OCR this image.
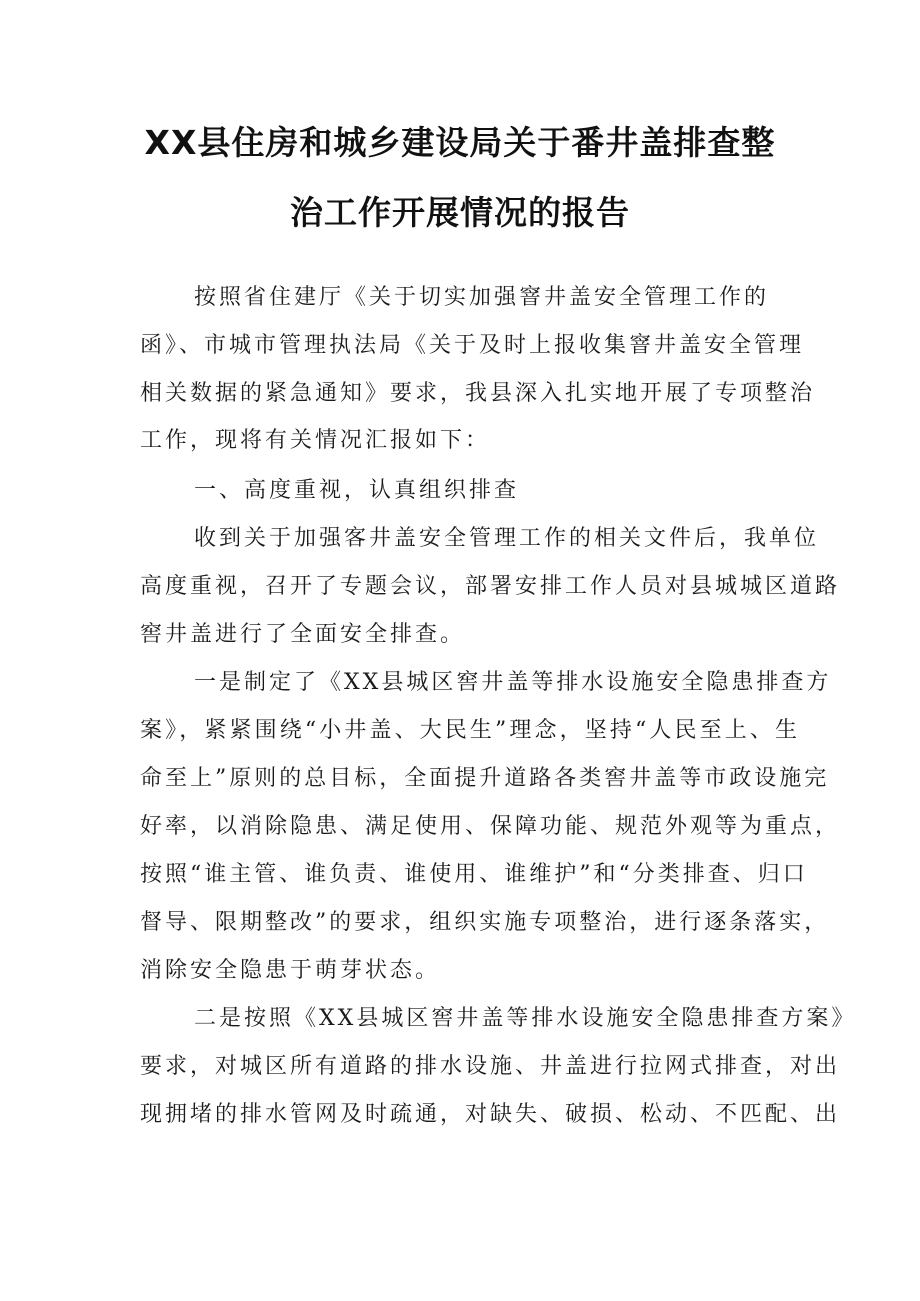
XX县住房和城乡建设局关于番井盖排查整
治工作开展情况的报告
按照省住建厅《关于切实加强窨井盖安全管理工作的
函》、市城市管理执法局《关于及时上报收集窨井盖安全管理
相关数据的紧急通知》要求，我县深入扎实地开展了专项整治
工作，现将有关情况汇报如下：
一、高度重视，认真组织排查
收到关于加强客井盖安全管理工作的相关文件后，我单位
高度重视，召开了专题会议，部署安排工作人员对县城城区道路
窖井盖进行了全面安全排查。
一是制定了《XX县城区窖井盖等排水设施安全隐患排查方
案》，紧紧围绕“小井盖、大民生”理念，坚持“人民至上、生
命至上”原则的总目标，全面提升道路各类窖井盖等市政设施完
好率，以消除隐患、满足使用、保障功能、规范外观等为重点，
按照“谁主管、谁负责、谁使用、谁维护”和“分类排查、归口
督导、限期整改”的要求，组织实施专项整治，进行逐条落实，
消除安全隐患于萌芽状态。
二是按照《XX县城区窖井盖等排水设施安全隐患排查方案》
要求，对城区所有道路的排水设施、井盖进行拉网式排查，对出
现拥堵的排水管网及时疏通，对缺失、破损、松动、不匹配、出
